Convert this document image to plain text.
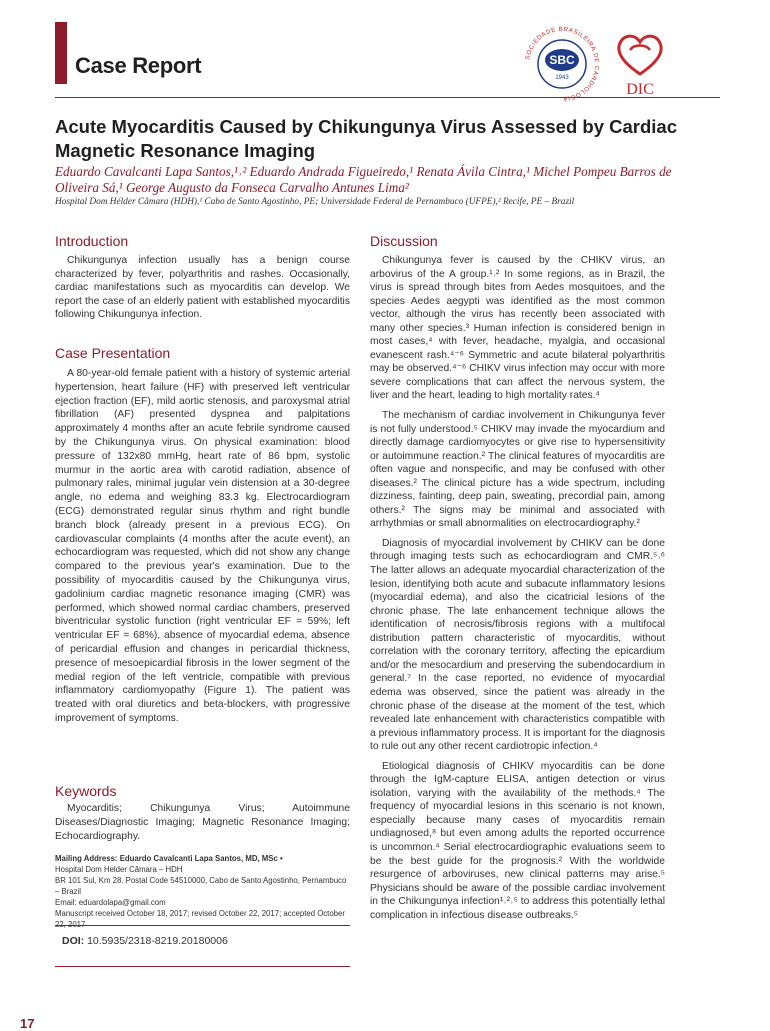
Case Report	SOCIEDADE BRASILEIRA DE CARDIOLOGIA
SBC
1943
DIC
Acute Myocarditis Caused by Chikungunya Virus Assessed by Cardiac Magnetic Resonance Imaging
Eduardo Cavalcanti Lapa Santos,¹˒² Eduardo Andrada Figueiredo,¹ Renata Ávila Cintra,¹ Michel Pompeu Barros de Oliveira Sá,¹ George Augusto da Fonseca Carvalho Antunes Lima²
Hospital Dom Hélder Câmara (HDH),¹ Cabo de Santo Agostinho, PE; Universidade Federal de Pernambuco (UFPE),² Recife, PE – Brazil
Introduction

Chikungunya infection usually has a benign course characterized by fever, polyarthritis and rashes. Occasionally, cardiac manifestations such as myocarditis can develop. We report the case of an elderly patient with established myocarditis following Chikungunya infection.

Case Presentation

A 80-year-old female patient with a history of systemic arterial hypertension, heart failure (HF) with preserved left ventricular ejection fraction (EF), mild aortic stenosis, and paroxysmal atrial fibrillation (AF) presented dyspnea and palpitations approximately 4 months after an acute febrile syndrome caused by the Chikungunya virus. On physical examination: blood pressure of 132x80 mmHg, heart rate of 86 bpm, systolic murmur in the aortic area with carotid radiation, absence of pulmonary rales, minimal jugular vein distension at a 30-degree angle, no edema and weighing 83.3 kg. Electrocardiogram (ECG) demonstrated regular sinus rhythm and right bundle branch block (already present in a previous ECG). On cardiovascular complaints (4 months after the acute event), an echocardiogram was requested, which did not show any change compared to the previous year's examination. Due to the possibility of myocarditis caused by the Chikungunya virus, gadolinium cardiac magnetic resonance imaging (CMR) was performed, which showed normal cardiac chambers, preserved biventricular systolic function (right ventricular EF = 59%; left ventricular EF = 68%), absence of myocardial edema, absence of pericardial effusion and changes in pericardial thickness, presence of mesoepicardial fibrosis in the lower segment of the medial region of the left ventricle, compatible with previous inflammatory cardiomyopathy (Figure 1). The patient was treated with oral diuretics and beta-blockers, with progressive improvement of symptoms.

Keywords

Myocarditis; Chikungunya Virus; Autoimmune Diseases/Diagnostic Imaging; Magnetic Resonance Imaging; Echocardiography.

Mailing Address: Eduardo Cavalcanti Lapa Santos, MD, MSc •
Hospital Dom Helder Câmara – HDH
BR 101 Sul, Km 28. Postal Code 54510000, Cabo de Santo Agostinho, Pernambuco – Brazil
Email: eduardolapa@gmail.com
Manuscript received October 18, 2017; revised October 22, 2017; accepted October 22, 2017
DOI: 10.5935/2318-8219.20180006
Discussion

Chikungunya fever is caused by the CHIKV virus, an arbovirus of the A group.¹˒² In some regions, as in Brazil, the virus is spread through bites from Aedes mosquitoes, and the species Aedes aegypti was identified as the most common vector, although the virus has recently been associated with many other species.³ Human infection is considered benign in most cases,⁴ with fever, headache, myalgia, and occasional evanescent rash.⁴⁻⁶ Symmetric and acute bilateral polyarthritis may be observed.⁴⁻⁶ CHIKV virus infection may occur with more severe complications that can affect the nervous system, the liver and the heart, leading to high mortality rates.⁴

The mechanism of cardiac involvement in Chikungunya fever is not fully understood.⁵ CHIKV may invade the myocardium and directly damage cardiomyocytes or give rise to hypersensitivity or autoimmune reaction.² The clinical features of myocarditis are often vague and nonspecific, and may be confused with other diseases.² The clinical picture has a wide spectrum, including dizziness, fainting, deep pain, sweating, precordial pain, among others.² The signs may be minimal and associated with arrhythmias or small abnormalities on electrocardiography.²

Diagnosis of myocardial involvement by CHIKV can be done through imaging tests such as echocardiogram and CMR.⁵˒⁶ The latter allows an adequate myocardial characterization of the lesion, identifying both acute and subacute inflammatory lesions (myocardial edema), and also the cicatricial lesions of the chronic phase. The late enhancement technique allows the identification of necrosis/fibrosis regions with a multifocal distribution pattern characteristic of myocarditis, without correlation with the coronary territory, affecting the epicardium and/or the mesocardium and preserving the subendocardium in general.⁷ In the case reported, no evidence of myocardial edema was observed, since the patient was already in the chronic phase of the disease at the moment of the test, which revealed late enhancement with characteristics compatible with a previous inflammatory process. It is important for the diagnosis to rule out any other recent cardiotropic infection.⁴

Etiological diagnosis of CHIKV myocarditis can be done through the IgM-capture ELISA, antigen detection or virus isolation, varying with the availability of the methods.⁴ The frequency of myocardial lesions in this scenario is not known, especially because many cases of myocarditis remain undiagnosed,⁸ but even among adults the reported occurrence is uncommon.⁴ Serial electrocardiographic evaluations seem to be the best guide for the prognosis.² With the worldwide resurgence of arboviruses, new clinical patterns may arise.⁵ Physicians should be aware of the possible cardiac involvement in the Chikungunya infection¹˒²˒⁵ to address this potentially lethal complication in infectious disease outbreaks.⁵

17
